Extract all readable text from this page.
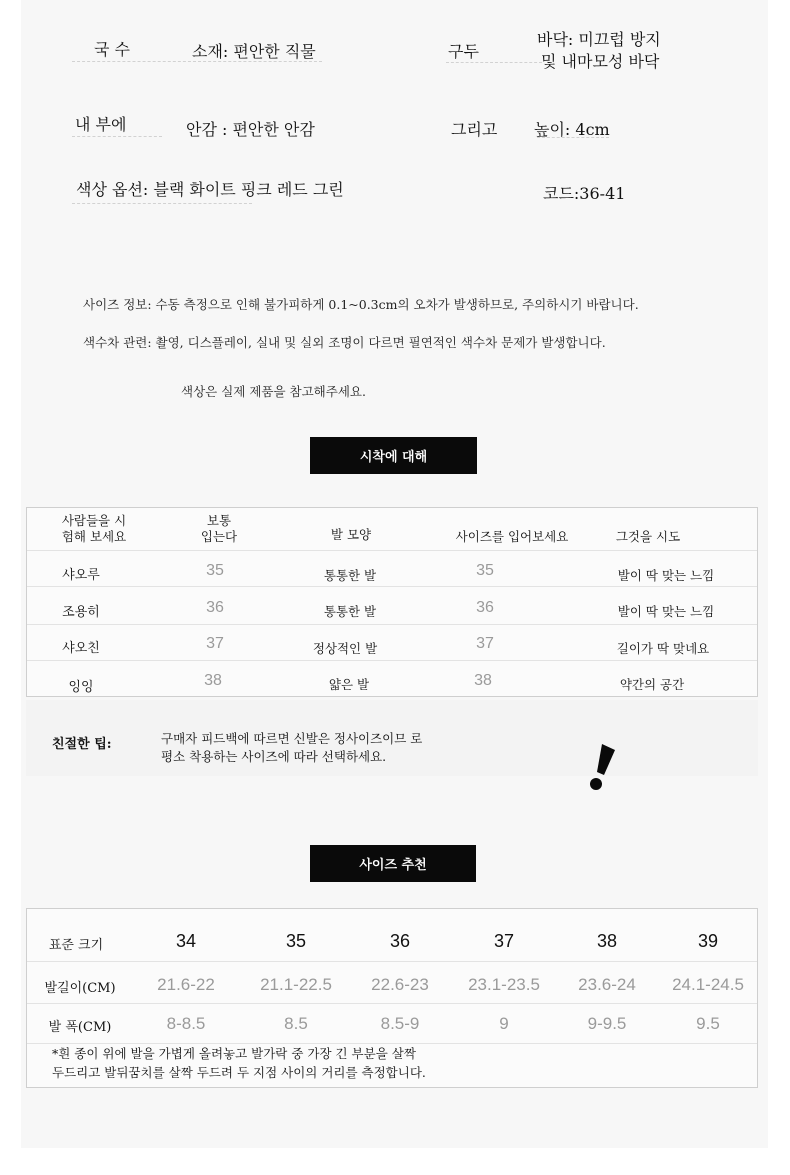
국 수	소재: 편안한 직물	구두
바닥: 미끄럽 방지
및 내마모성 바닥
내 부에	안감 : 편안한 안감	그리고 높이: 4cm
색상 옵션: 블랙 화이트 핑크 레드 그린	코드:36-41
사이즈 정보: 수동 측정으로 인해 불가피하게 0.1~0.3cm의 오차가 발생하므로, 주의하시기 바랍니다.
색수차 관련: 촬영, 디스플레이, 실내 및 실외 조명이 다르면 필연적인 색수차 문제가 발생합니다.
색상은 실제 제품을 참고해주세요.
시착에 대해
사람들을 시
험해 보세요
보통
입는다	발 모양	사이즈를 입어보세요	그것을 시도
샤오루	35	통통한 발	35	발이 딱 맞는 느낌
조용히	36	통통한 발	36	발이 딱 맞는 느낌
샤오친	37	정상적인 발	37	길이가 딱 맞네요
잉잉	38	얇은 발	38	약간의 공간
친절한 팁:	구매자 피드백에 따르면 신발은 정사이즈이므 로
평소 착용하는 사이즈에 따라 선택하세요.
사이즈 추천
표준 크기	34	35	36	37	38	39
발길이(CM)	21.6-22	21.1-22.5 22.6-23 23.1-23.5 23.6-24 24.1-24.5
발 폭(CM)	8-8.5	8.5	8.5-9	9	9-9.5	9.5
*흰 종이 위에 발을 가볍게 올려놓고 발가락 중 가장 긴 부분을 살짝
두드리고 발뒤꿈치를 살짝 두드려 두 지점 사이의 거리를 측정합니다.
